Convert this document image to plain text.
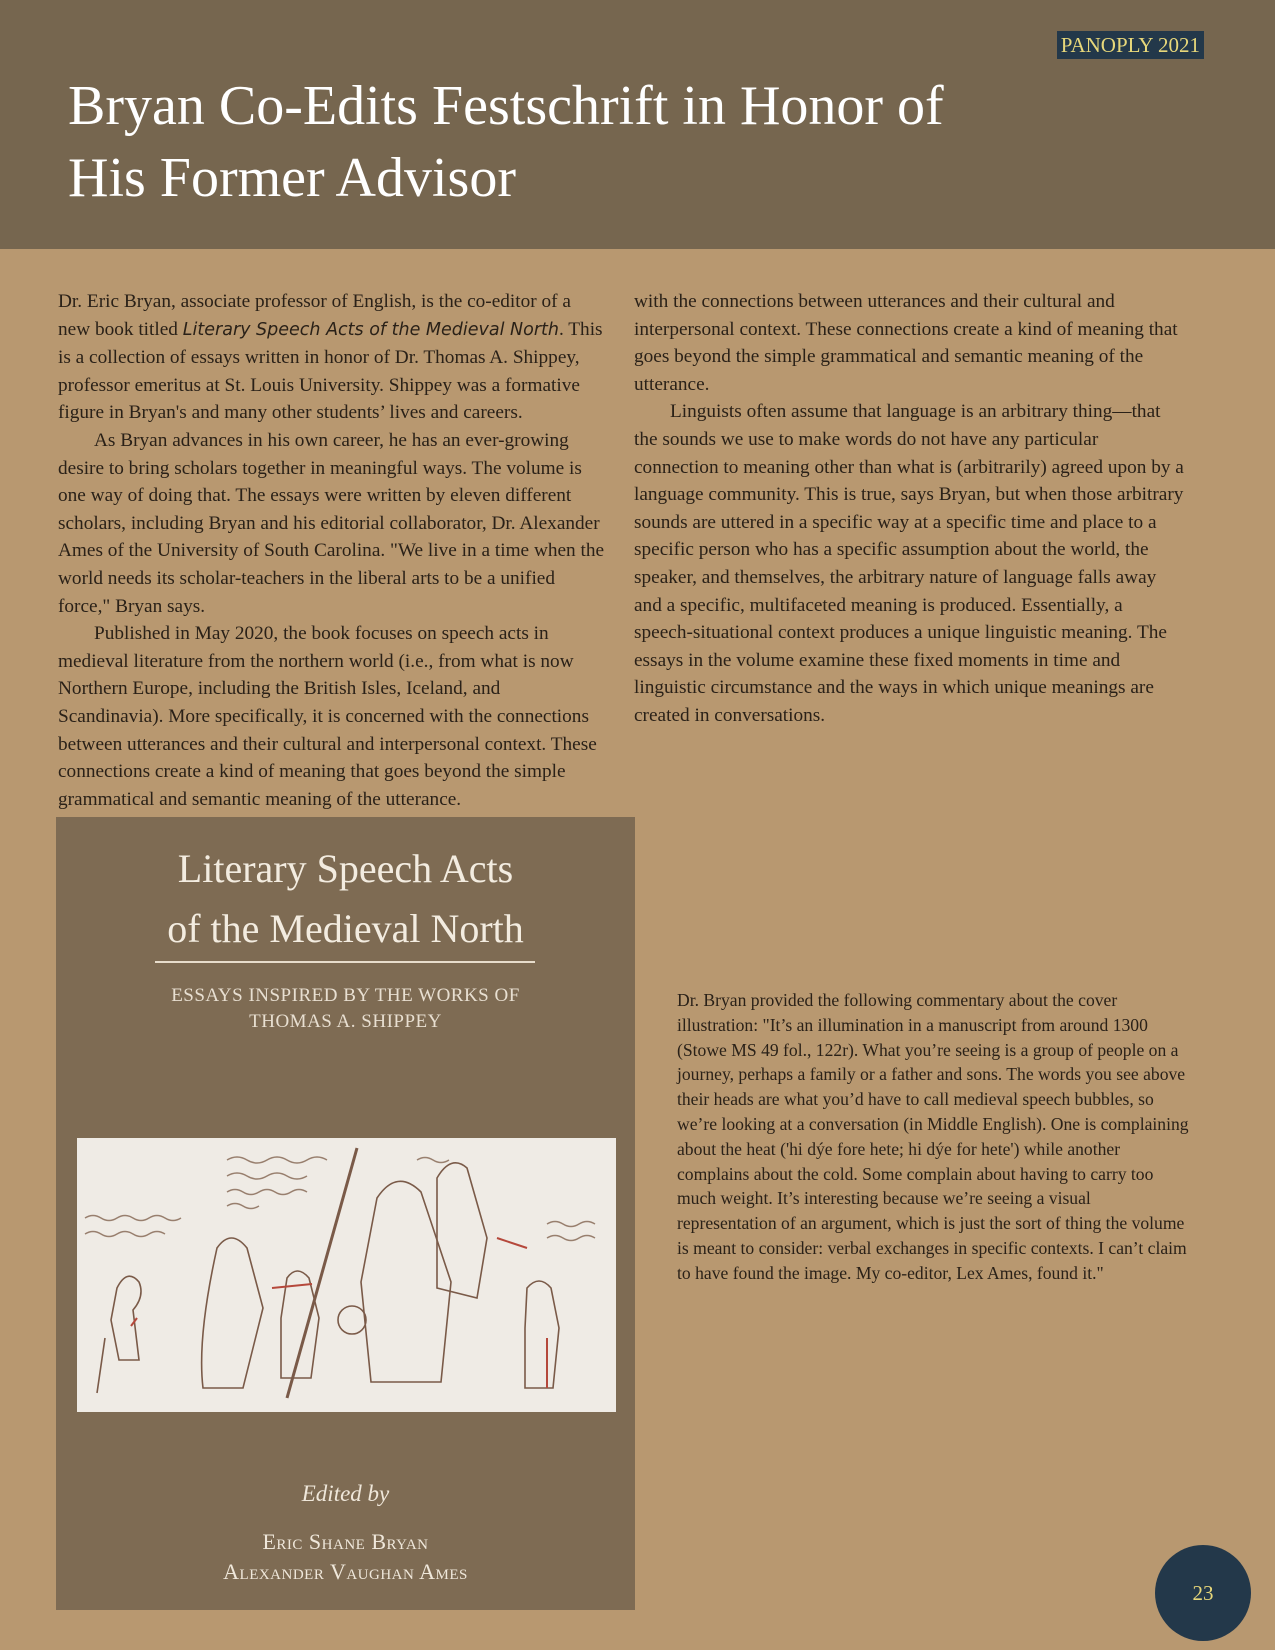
PANOPLY 2021
Bryan Co-Edits Festschrift in Honor of His Former Advisor

Dr. Eric Bryan, associate professor of English, is the co-editor of a new book titled Literary Speech Acts of the Medieval North. This is a collection of essays written in honor of Dr. Thomas A. Shippey, professor emeritus at St. Louis University. Shippey was a formative figure in Bryan's and many other students’ lives and careers.

As Bryan advances in his own career, he has an ever-growing desire to bring scholars together in meaningful ways. The volume is one way of doing that. The essays were written by eleven different scholars, including Bryan and his editorial collaborator, Dr. Alexander Ames of the University of South Carolina. "We live in a time when the world needs its scholar-teachers in the liberal arts to be a unified force," Bryan says.

Published in May 2020, the book focuses on speech acts in medieval literature from the northern world (i.e., from what is now Northern Europe, including the British Isles, Iceland, and Scandinavia). More specifically, it is concerned with the connections between utterances and their cultural and interpersonal context. These connections create a kind of meaning that goes beyond the simple grammatical and semantic meaning of the utterance.

with the connections between utterances and their cultural and interpersonal context. These connections create a kind of meaning that goes beyond the simple grammatical and semantic meaning of the utterance.

Linguists often assume that language is an arbitrary thing—that the sounds we use to make words do not have any particular connection to meaning other than what is (arbitrarily) agreed upon by a language community. This is true, says Bryan, but when those arbitrary sounds are uttered in a specific way at a specific time and place to a specific person who has a specific assumption about the world, the speaker, and themselves, the arbitrary nature of language falls away and a specific, multifaceted meaning is produced. Essentially, a speech-situational context produces a unique linguistic meaning. The essays in the volume examine these fixed moments in time and linguistic circumstance and the ways in which unique meanings are created in conversations.

Literary Speech Acts
of the Medieval North
ESSAYS INSPIRED BY THE WORKS OF
THOMAS A. SHIPPEY
Edited by
Eric Shane Bryan
Alexander Vaughan Ames

Dr. Bryan provided the following commentary about the cover illustration: "It’s an illumination in a manuscript from around 1300 (Stowe MS 49 fol., 122r). What you’re seeing is a group of people on a journey, perhaps a family or a father and sons. The words you see above their heads are what you’d have to call medieval speech bubbles, so we’re looking at a conversation (in Middle English). One is complaining about the heat ('hi dýe fore hete; hi dýe for hete') while another complains about the cold. Some complain about having to carry too much weight. It’s interesting because we’re seeing a visual representation of an argument, which is just the sort of thing the volume is meant to consider: verbal exchanges in specific contexts. I can’t claim to have found the image. My co-editor, Lex Ames, found it."

23
